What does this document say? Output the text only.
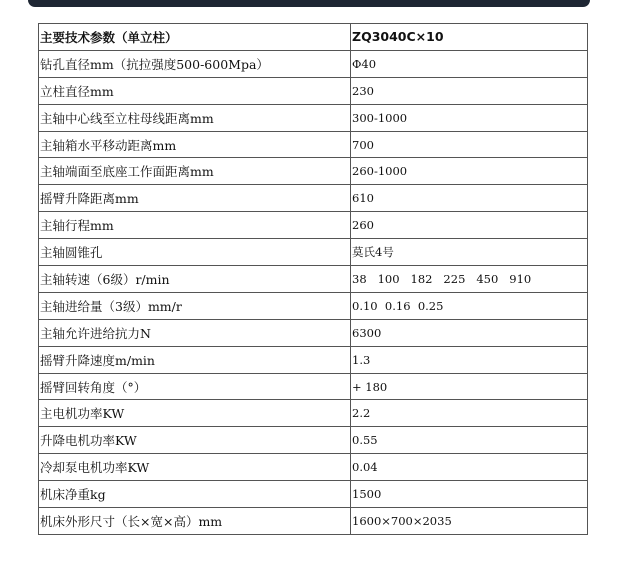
主要技术参数（单立柱）	ZQ3040C×10
钻孔直径mm（抗拉强度500-600Mpa）	Φ40
立柱直径mm	230
主轴中心线至立柱母线距离mm	300-1000
主轴箱水平移动距离mm	700
主轴端面至底座工作面距离mm	260-1000
摇臂升降距离mm	610
主轴行程mm	260
主轴圆锥孔	莫氏4号
主轴转速（6级）r/min	38   100   182   225   450   910
主轴进给量（3级）mm/r	0.10  0.16  0.25
主轴允许进给抗力N	6300
摇臂升降速度m/min	1.3
摇臂回转角度（°）	+ 180
主电机功率KW	2.2
升降电机功率KW	0.55
冷却泵电机功率KW	0.04
机床净重kg	1500
机床外形尺寸（长×宽×高）mm	1600×700×2035
